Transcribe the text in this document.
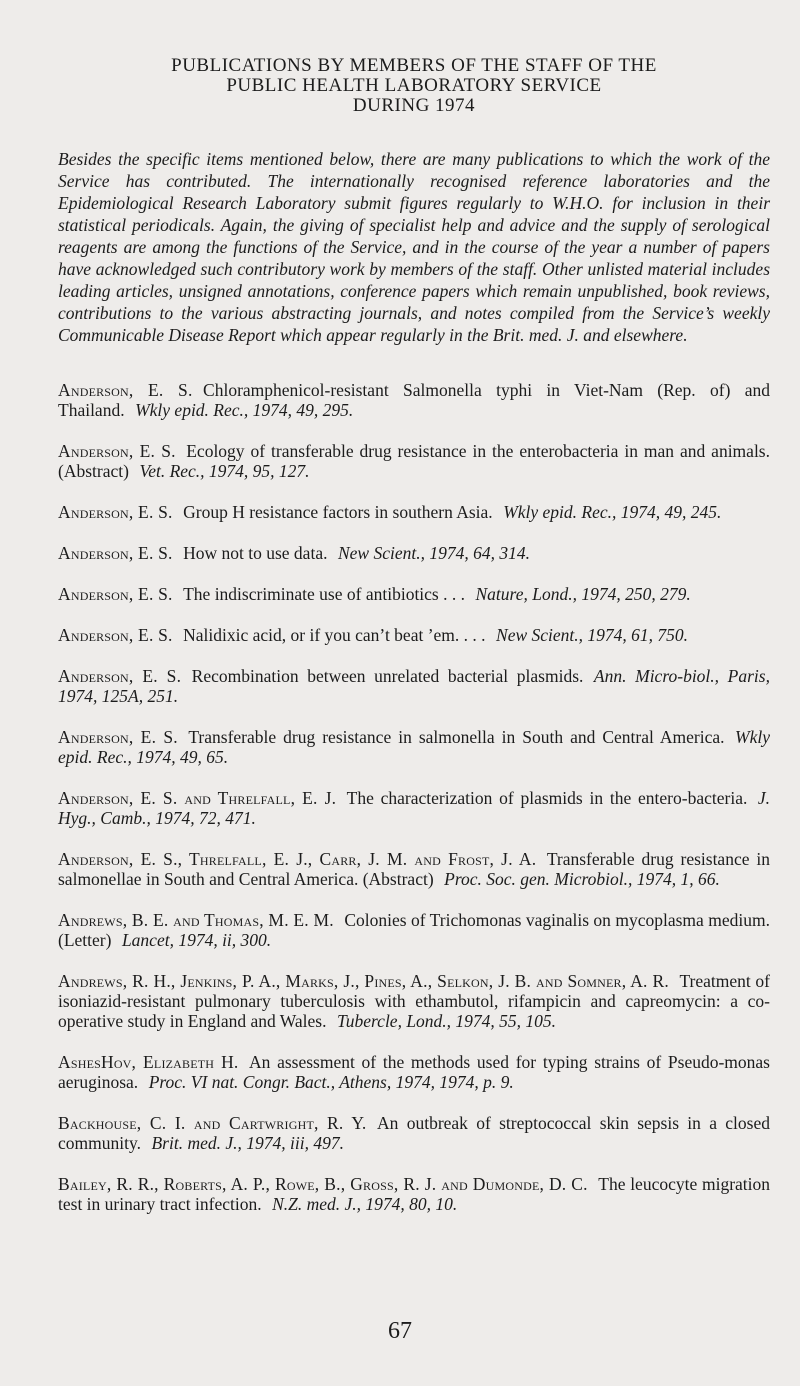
PUBLICATIONS BY MEMBERS OF THE STAFF OF THE
PUBLIC HEALTH LABORATORY SERVICE
DURING 1974

Besides the specific items mentioned below, there are many publications to which the work of the Service has contributed. The internationally recognised reference laboratories and the Epidemiological Research Laboratory submit figures regularly to W.H.O. for inclusion in their statistical periodicals. Again, the giving of specialist help and advice and the supply of serological reagents are among the functions of the Service, and in the course of the year a number of papers have acknowledged such contributory work by members of the staff. Other unlisted material includes leading articles, unsigned annotations, conference papers which remain unpublished, book reviews, contributions to the various abstracting journals, and notes compiled from the Service’s weekly Communicable Disease Report which appear regularly in the Brit. med. J. and elsewhere.

Anderson, E. S. Chloramphenicol-resistant Salmonella typhi in Viet-Nam (Rep. of) and Thailand. Wkly epid. Rec., 1974, 49, 295.
Anderson, E. S. Ecology of transferable drug resistance in the enterobacteria in man and animals. (Abstract) Vet. Rec., 1974, 95, 127.
Anderson, E. S. Group H resistance factors in southern Asia. Wkly epid. Rec., 1974, 49, 245.
Anderson, E. S. How not to use data. New Scient., 1974, 64, 314.
Anderson, E. S. The indiscriminate use of antibiotics . . . Nature, Lond., 1974, 250, 279.
Anderson, E. S. Nalidixic acid, or if you can’t beat ’em. . . . New Scient., 1974, 61, 750.
Anderson, E. S. Recombination between unrelated bacterial plasmids. Ann. Micro-biol., Paris, 1974, 125A, 251.
Anderson, E. S. Transferable drug resistance in salmonella in South and Central America. Wkly epid. Rec., 1974, 49, 65.
Anderson, E. S. and Threlfall, E. J. The characterization of plasmids in the entero-bacteria. J. Hyg., Camb., 1974, 72, 471.
Anderson, E. S., Threlfall, E. J., Carr, J. M. and Frost, J. A. Transferable drug resistance in salmonellae in South and Central America. (Abstract) Proc. Soc. gen. Microbiol., 1974, 1, 66.
Andrews, B. E. and Thomas, M. E. M. Colonies of Trichomonas vaginalis on mycoplasma medium. (Letter) Lancet, 1974, ii, 300.
Andrews, R. H., Jenkins, P. A., Marks, J., Pines, A., Selkon, J. B. and Somner, A. R. Treatment of isoniazid-resistant pulmonary tuberculosis with ethambutol, rifampicin and capreomycin: a co-operative study in England and Wales. Tubercle, Lond., 1974, 55, 105.
AshesHov, Elizabeth H. An assessment of the methods used for typing strains of Pseudo-monas aeruginosa. Proc. VI nat. Congr. Bact., Athens, 1974, 1974, p. 9.
Backhouse, C. I. and Cartwright, R. Y. An outbreak of streptococcal skin sepsis in a closed community. Brit. med. J., 1974, iii, 497.
Bailey, R. R., Roberts, A. P., Rowe, B., Gross, R. J. and Dumonde, D. C. The leucocyte migration test in urinary tract infection. N.Z. med. J., 1974, 80, 10.
67
